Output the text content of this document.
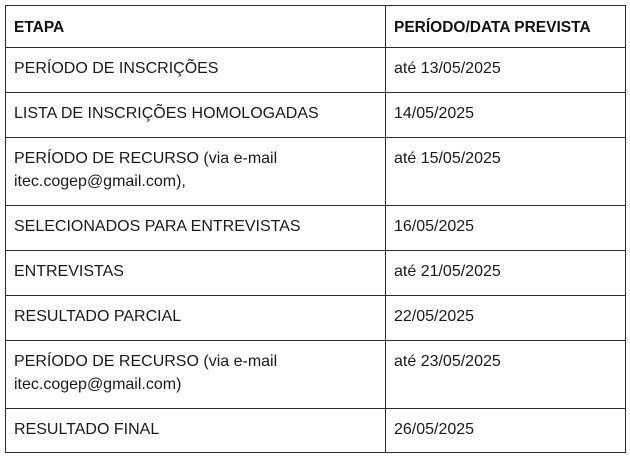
ETAPA	PERÍODO/DATA PREVISTA
PERÍODO DE INSCRIÇÕES	até 13/05/2025
LISTA DE INSCRIÇÕES HOMOLOGADAS	14/05/2025
PERÍODO DE RECURSO (via e-mail
itec.cogep@gmail.com),	até 15/05/2025
SELECIONADOS PARA ENTREVISTAS	16/05/2025
ENTREVISTAS	até 21/05/2025
RESULTADO PARCIAL	22/05/2025
PERÍODO DE RECURSO (via e-mail
itec.cogep@gmail.com)	até 23/05/2025
RESULTADO FINAL	26/05/2025
